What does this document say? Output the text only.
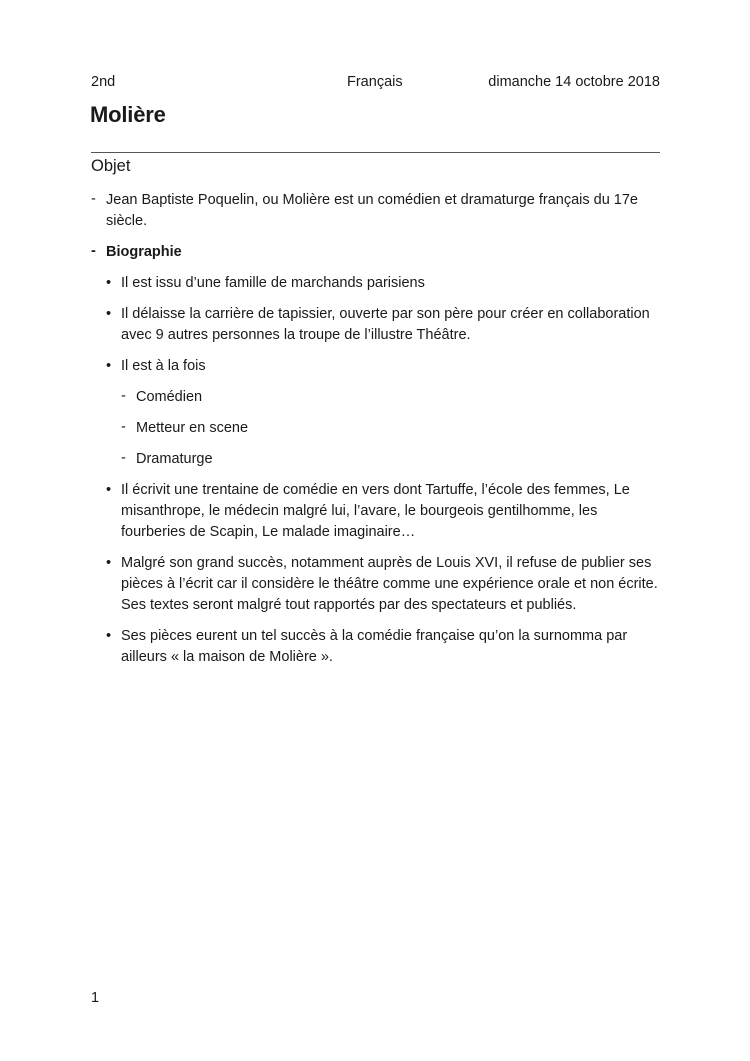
2nd	Français	dimanche 14 octobre 2018
Molière
Objet
- Jean Baptiste Poquelin, ou Molière est un comédien et dramaturge français du 17e siècle.
- Biographie
• Il est issu d’une famille de marchands parisiens
• Il délaisse la carrière de tapissier, ouverte par son père pour créer en collaboration avec 9 autres personnes la troupe de l’illustre Théâtre.
• Il est à la fois
- Comédien
- Metteur en scene
- Dramaturge
• Il écrivit une trentaine de comédie en vers dont Tartuffe, l’école des femmes, Le misanthrope, le médecin malgré lui, l’avare, le bourgeois gentilhomme, les fourberies de Scapin, Le malade imaginaire…
• Malgré son grand succès, notamment auprès de Louis XVI, il refuse de publier ses pièces à l’écrit car il considère le théâtre comme une expérience orale et non écrite. Ses textes seront malgré tout rapportés par des spectateurs et publiés.
• Ses pièces eurent un tel succès à la comédie française qu’on la surnomma par ailleurs « la maison de Molière ».
1
